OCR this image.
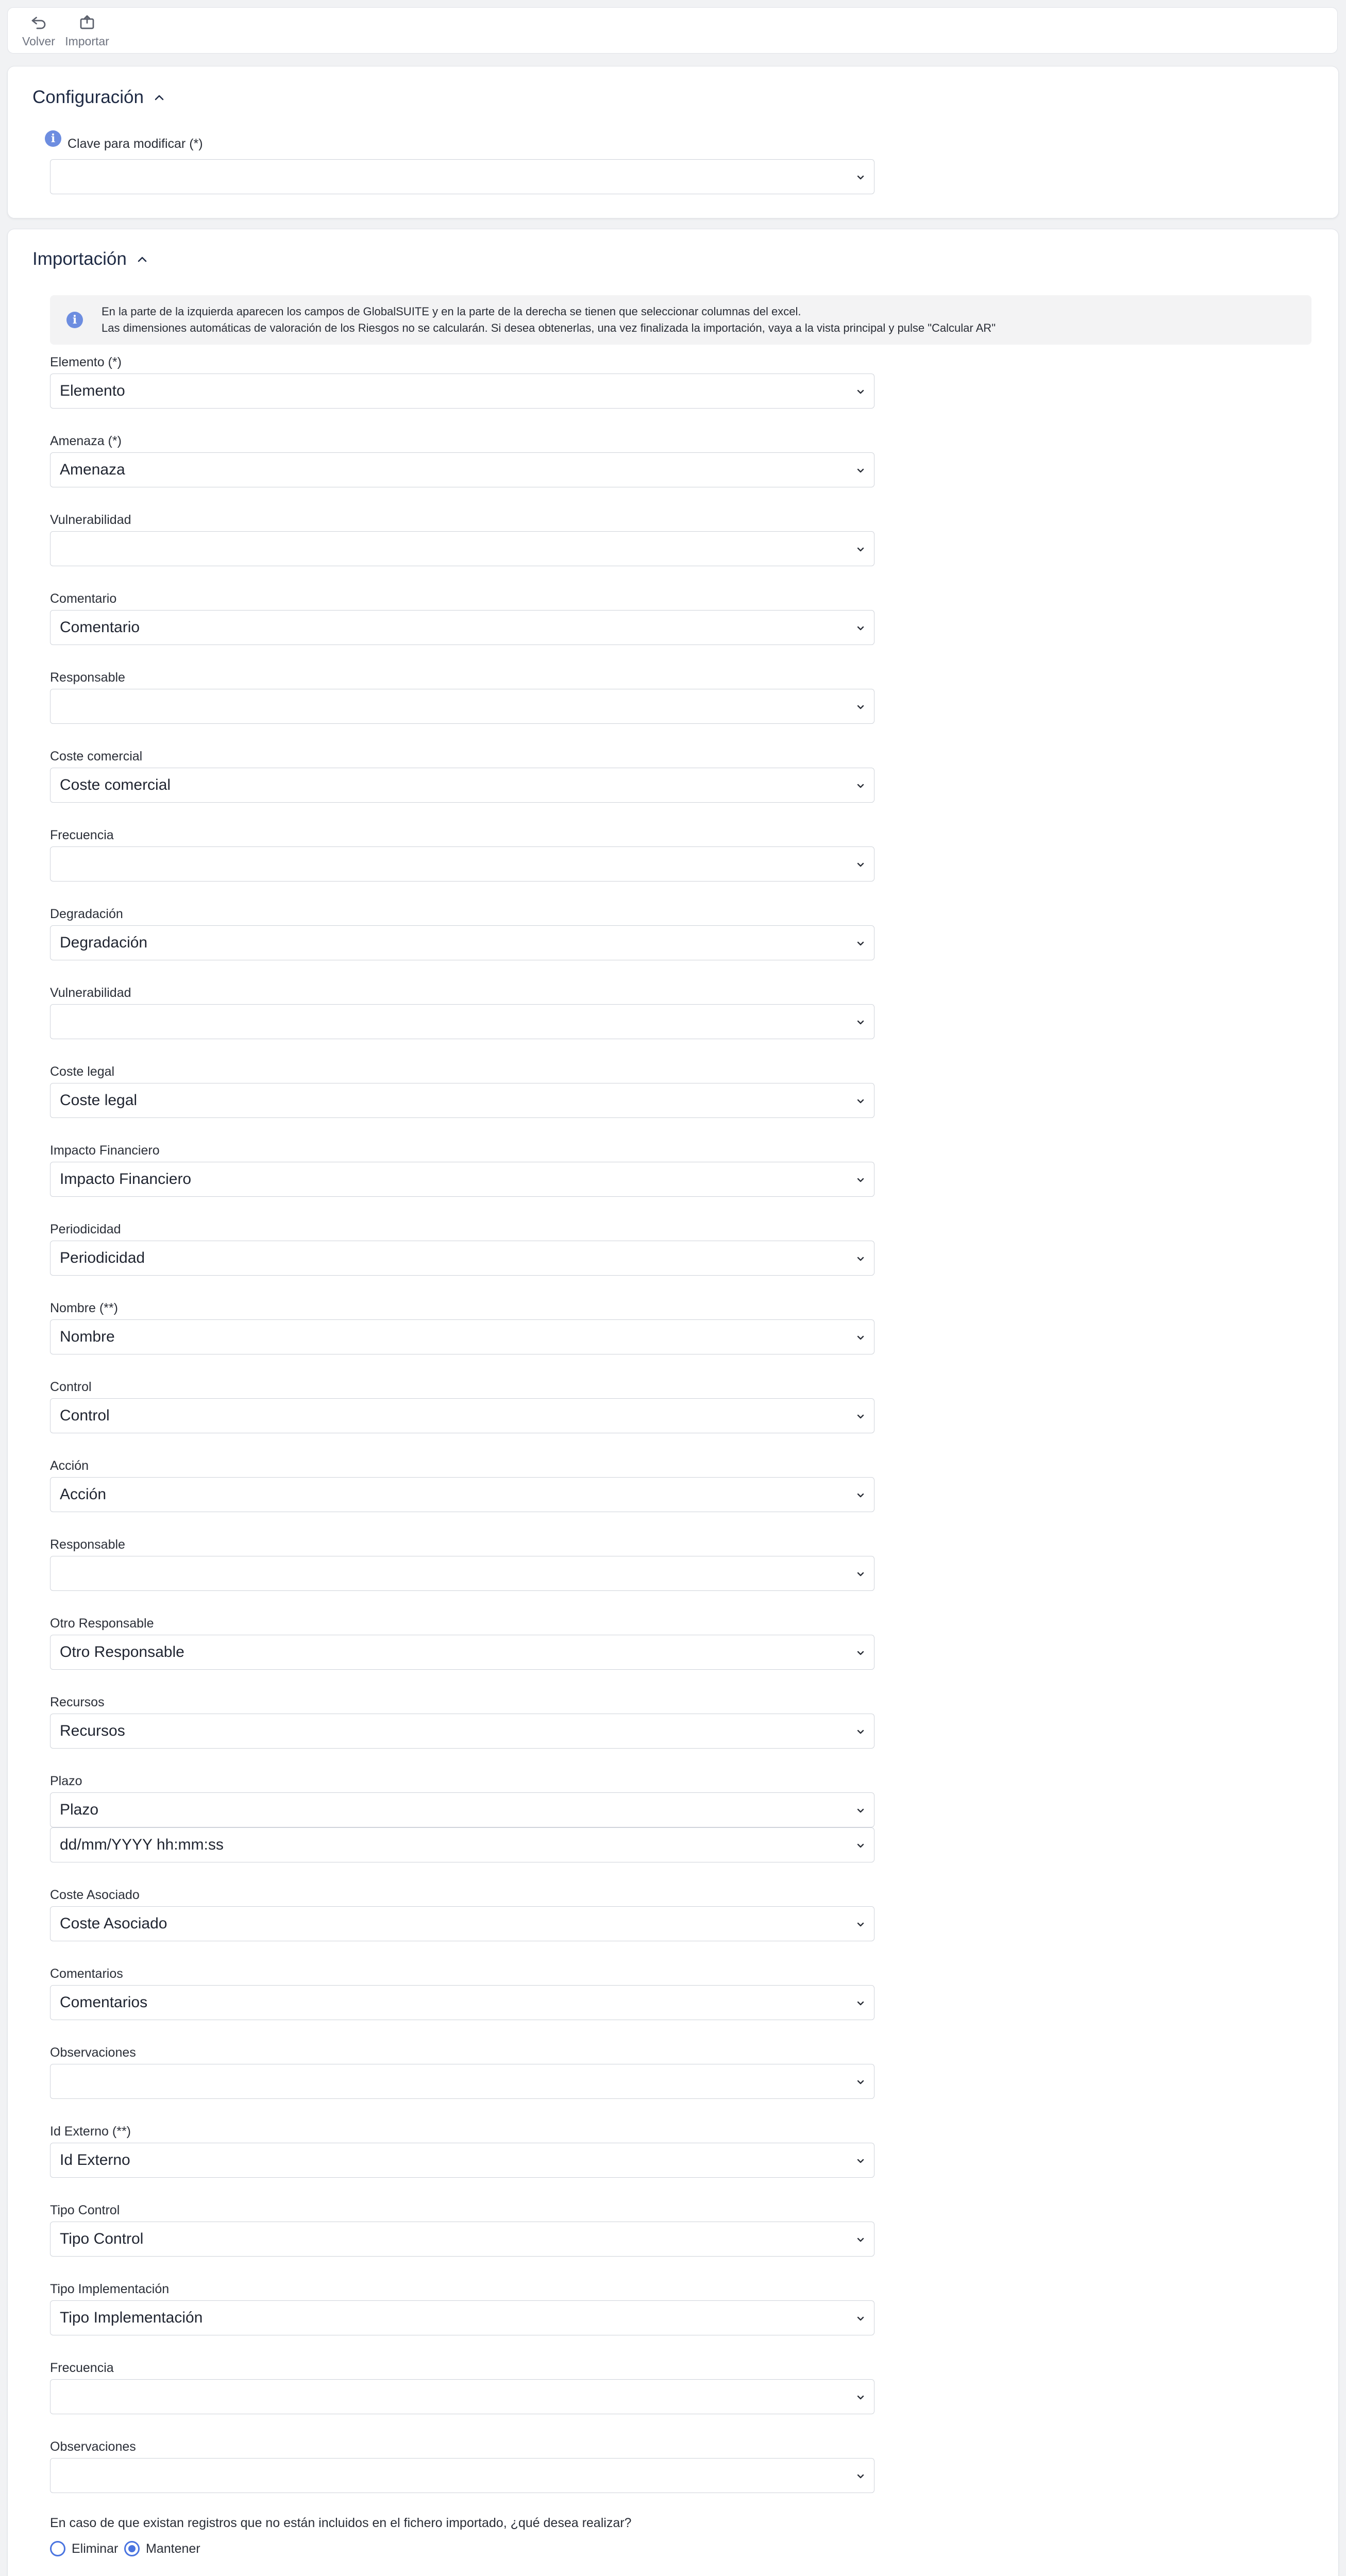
Volver Importar
Configuración
i Clave para modificar (*)
Importación
i
En la parte de la izquierda aparecen los campos de GlobalSUITE y en la parte de la derecha se tienen que seleccionar columnas del excel.
Las dimensiones automáticas de valoración de los Riesgos no se calcularán. Si desea obtenerlas, una vez finalizada la importación, vaya a la vista principal y pulse "Calcular AR"
Elemento (*)
Elemento
Amenaza (*)
Amenaza
Vulnerabilidad
Comentario
Comentario
Responsable
Coste comercial
Coste comercial
Frecuencia
Degradación
Degradación
Vulnerabilidad
Coste legal
Coste legal
Impacto Financiero
Impacto Financiero
Periodicidad
Periodicidad
Nombre (**)
Nombre
Control
Control
Acción
Acción
Responsable
Otro Responsable
Otro Responsable
Recursos
Recursos
Plazo
Plazo
dd/mm/YYYY hh:mm:ss
Coste Asociado
Coste Asociado
Comentarios
Comentarios
Observaciones
Id Externo (**)
Id Externo
Tipo Control
Tipo Control
Tipo Implementación
Tipo Implementación
Frecuencia
Observaciones
En caso de que existan registros que no están incluidos en el fichero importado, ¿qué desea realizar?
Eliminar Mantener
